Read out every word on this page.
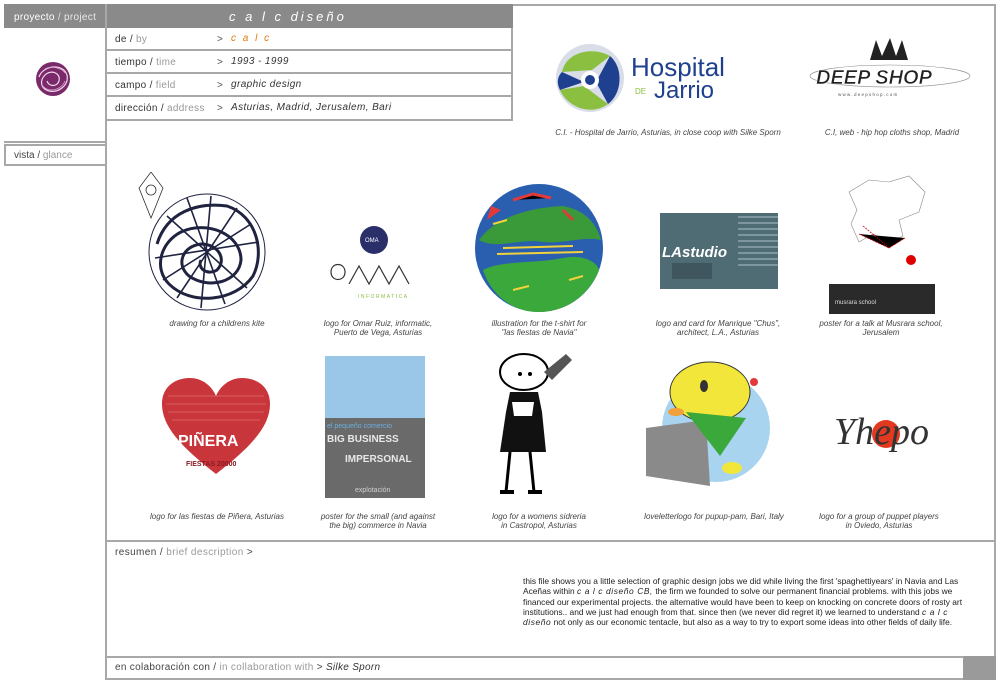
proyecto / project
vista / glance
c a l c diseño
de / by	> c a l c
tiempo / time	> 1993 - 1999
campo / field	> graphic design
dirección / address > Asturias, Madrid, Jerusalem, Bari
Hospital
DE Jarrio
C.I. - Hospital de Jarrio, Asturias, in close coop with Silke Sporn
DEEP SHOP
w w w . d e e p s h o p . c o m
C.I, web - hip hop cloths shop, Madrid
drawing for a childrens kite
OMA
INFORMATICA
logo for Omar Ruiz, informatic,
Puerto de Vega, Asturias
illustration for the t-shirt for
"las fiestas de Navia"
LAstudio
logo and card for Manrique "Chus",
architect, L.A., Asturias
musrara school
poster for a talk at Musrara school,
Jerusalem
PIÑERA
FIESTAS 20000
logo for las fiestas de Piñera, Asturias
el pequeño comercio
BIG BUSINESS
IMPERSONAL
explotación
poster for the small (and against
the big) commerce in Navia
logo for a womens sidreria
in Castropol, Asturias
loveletterlogo for pupup-pam, Bari, Italy
Yhepo
logo for a group of puppet players
in Oviedo, Asturias
resumen / brief description >
this file shows you a little selection of graphic design jobs we did while living the first 'spaghettiyears' in Navia and Las Aceñas within c a l c diseño CB, the firm we founded to solve our permanent financial problems. with this jobs we financed our experimental projects. the alternative would have been to keep on knocking on concrete doors of rosty art institutions.. and we just had enough from that. since then (we never did regret it) we learned to understand c a l c diseño not only as our economic tentacle, but also as a way to try to export some ideas into other fields of daily life.
en colaboración con / in collaboration with > Silke Sporn
